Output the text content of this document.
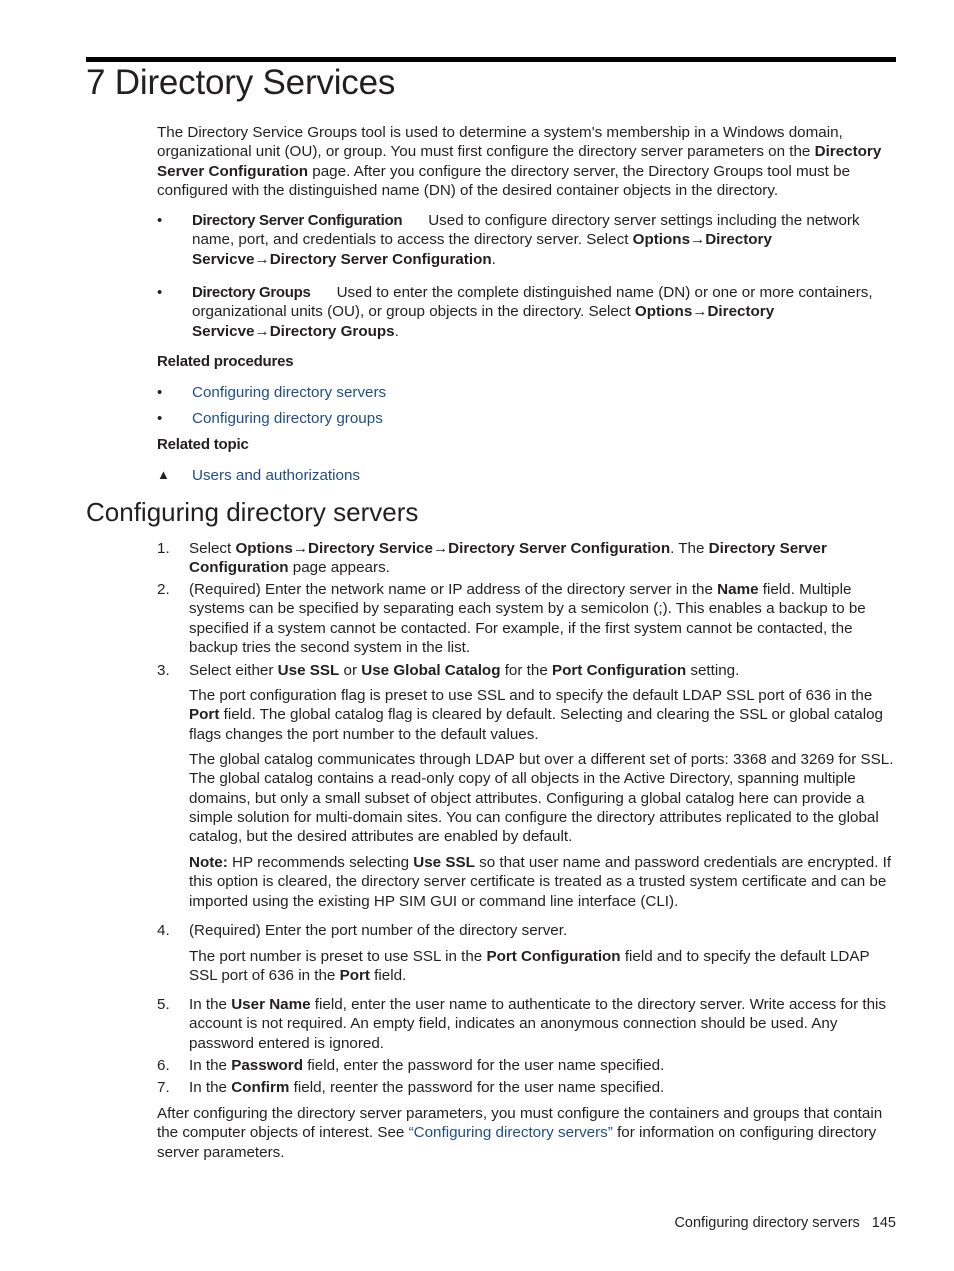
7 Directory Services

The Directory Service Groups tool is used to determine a system's membership in a Windows domain, organizational unit (OU), or group. You must first configure the directory server parameters on the Directory Server Configuration page. After you configure the directory server, the Directory Groups tool must be configured with the distinguished name (DN) of the desired container objects in the directory.

• Directory Server Configuration Used to configure directory server settings including the network name, port, and credentials to access the directory server. Select Options→Directory Servicve→Directory Server Configuration.

• Directory Groups Used to enter the complete distinguished name (DN) or one or more containers, organizational units (OU), or group objects in the directory. Select Options→Directory Servicve→Directory Groups.

Related procedures
• Configuring directory servers
• Configuring directory groups
Related topic
▲ Users and authorizations
Configuring directory servers
1. Select Options→Directory Service→Directory Server Configuration. The Directory Server Configuration page appears.

2. (Required) Enter the network name or IP address of the directory server in the Name field. Multiple systems can be specified by separating each system by a semicolon (;). This enables a backup to be specified if a system cannot be contacted. For example, if the first system cannot be contacted, the backup tries the second system in the list.

3. Select either Use SSL or Use Global Catalog for the Port Configuration setting.

The port configuration flag is preset to use SSL and to specify the default LDAP SSL port of 636 in the Port field. The global catalog flag is cleared by default. Selecting and clearing the SSL or global catalog flags changes the port number to the default values.

The global catalog communicates through LDAP but over a different set of ports: 3368 and 3269 for SSL. The global catalog contains a read-only copy of all objects in the Active Directory, spanning multiple domains, but only a small subset of object attributes. Configuring a global catalog here can provide a simple solution for multi-domain sites. You can configure the directory attributes replicated to the global catalog, but the desired attributes are enabled by default.

Note: HP recommends selecting Use SSL so that user name and password credentials are encrypted. If this option is cleared, the directory server certificate is treated as a trusted system certificate and can be imported using the existing HP SIM GUI or command line interface (CLI).

4. (Required) Enter the port number of the directory server.

The port number is preset to use SSL in the Port Configuration field and to specify the default LDAP SSL port of 636 in the Port field.

5. In the User Name field, enter the user name to authenticate to the directory server. Write access for this account is not required. An empty field, indicates an anonymous connection should be used. Any password entered is ignored.

6. In the Password field, enter the password for the user name specified.

7. In the Confirm field, reenter the password for the user name specified.

After configuring the directory server parameters, you must configure the containers and groups that contain the computer objects of interest. See “Configuring directory servers” for information on configuring directory server parameters.

Configuring directory servers 145
